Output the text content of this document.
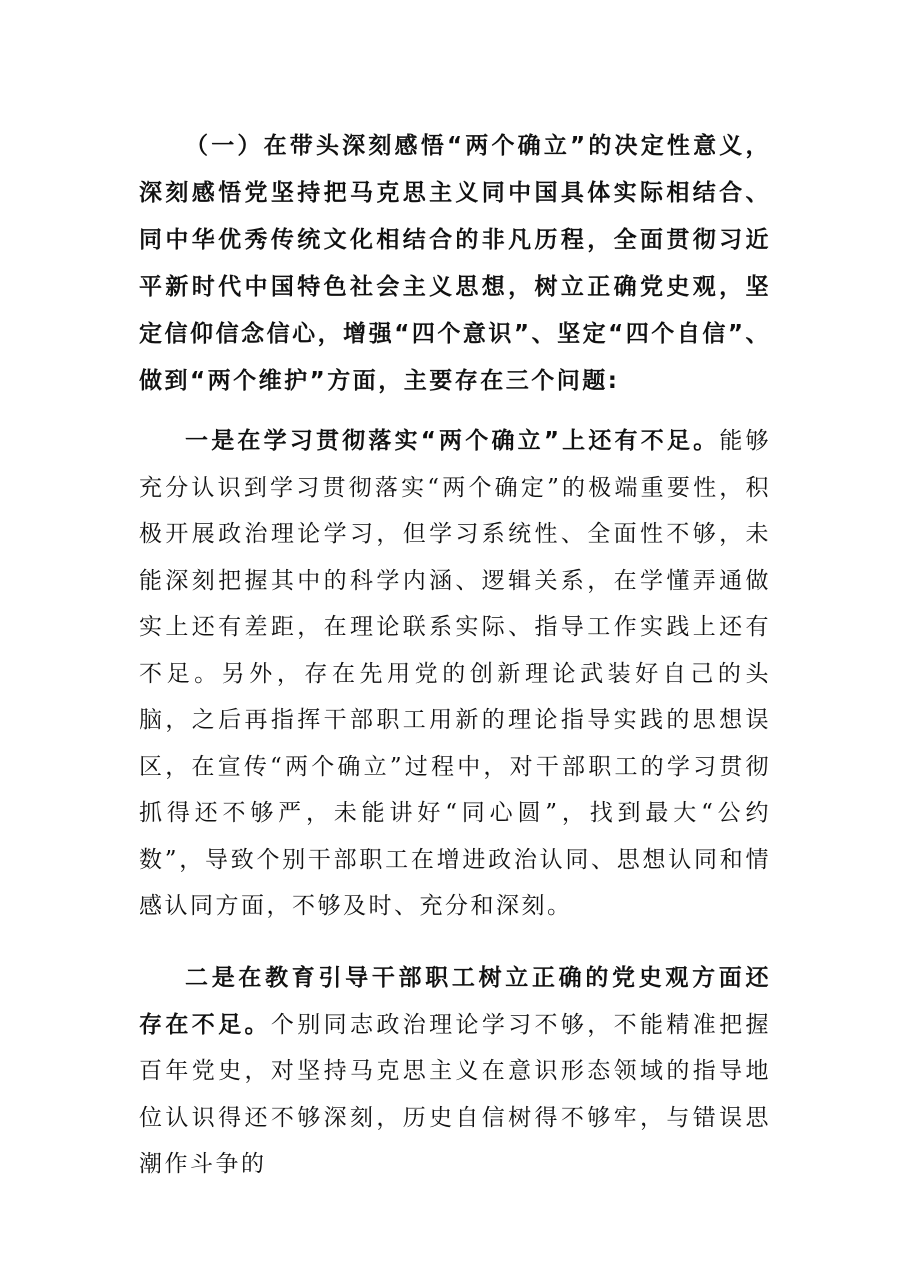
（一）在带头深刻感悟“两个确立”的决定性意义，深刻感悟党坚持把马克思主义同中国具体实际相结合、同中华优秀传统文化相结合的非凡历程，全面贯彻习近平新时代中国特色社会主义思想，树立正确党史观，坚定信仰信念信心，增强“四个意识”、坚定“四个自信”、做到“两个维护”方面，主要存在三个问题:

一是在学习贯彻落实“两个确立”上还有不足。能够充分认识到学习贯彻落实“两个确定”的极端重要性，积极开展政治理论学习，但学习系统性、全面性不够，未能深刻把握其中的科学内涵、逻辑关系，在学懂弄通做实上还有差距，在理论联系实际、指导工作实践上还有不足。另外，存在先用党的创新理论武装好自己的头脑，之后再指挥干部职工用新的理论指导实践的思想误区，在宣传“两个确立”过程中，对干部职工的学习贯彻抓得还不够严，未能讲好“同心圆”，找到最大“公约数”，导致个别干部职工在增进政治认同、思想认同和情感认同方面，不够及时、充分和深刻。

二是在教育引导干部职工树立正确的党史观方面还存在不足。个别同志政治理论学习不够，不能精准把握百年党史，对坚持马克思主义在意识形态领域的指导地位认识得还不够深刻，历史自信树得不够牢，与错误思潮作斗争的
